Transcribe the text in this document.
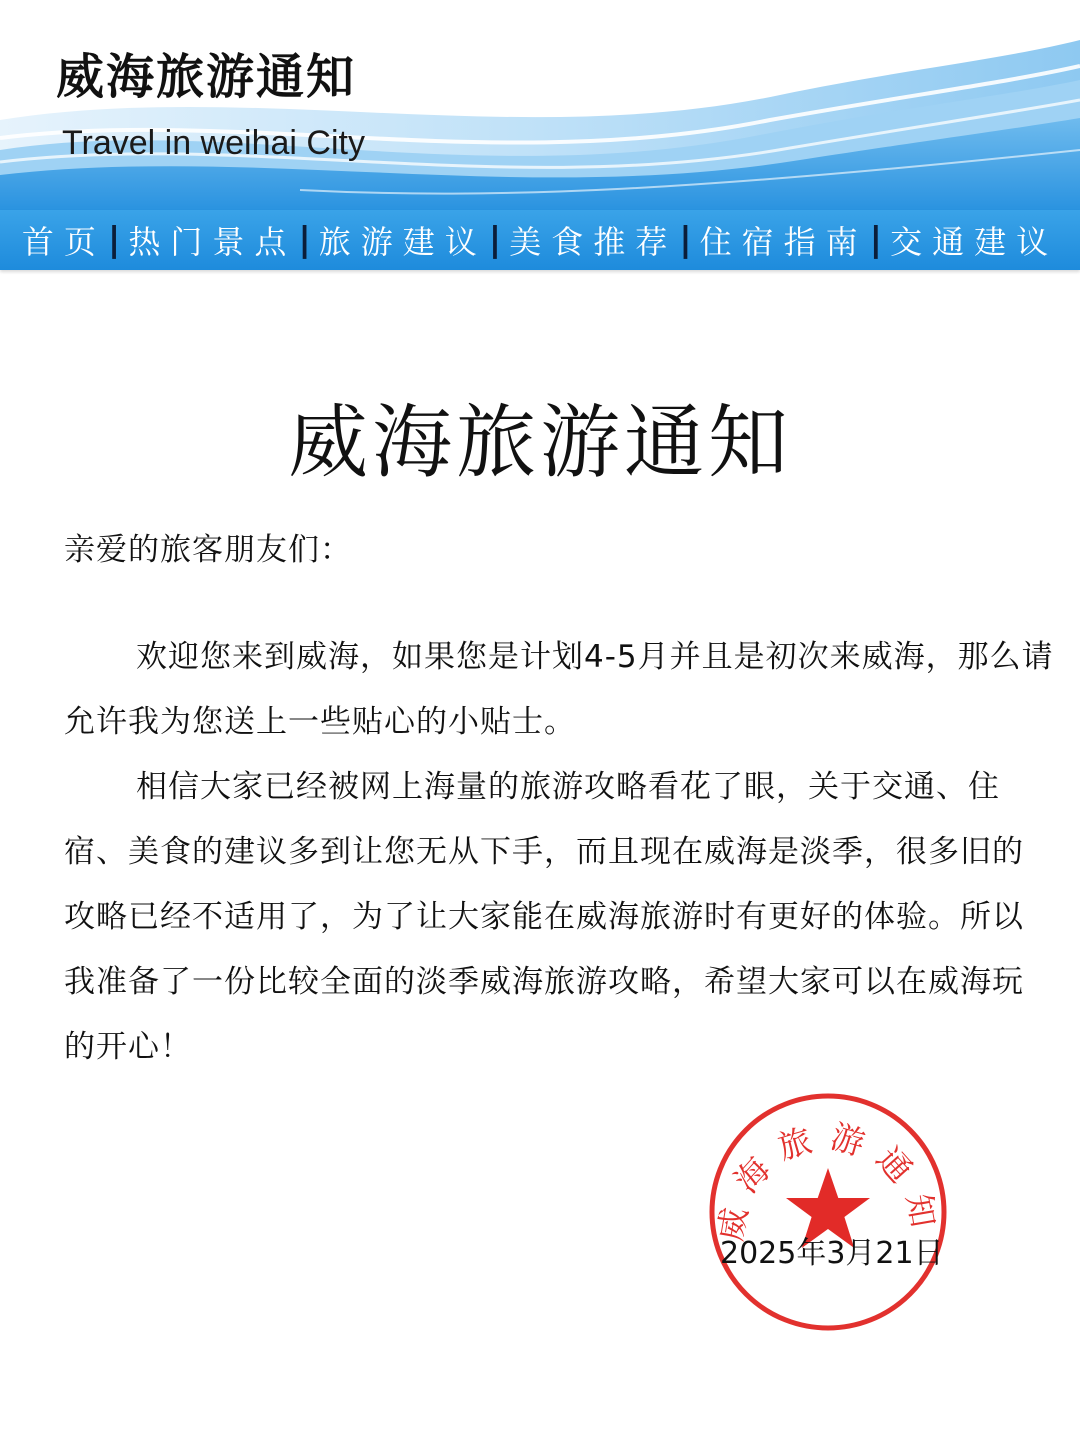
威海旅游通知
Travel in weihai City
首页 | 热门景点 | 旅游建议 | 美食推荐 | 住宿指南 | 交通建议
威海旅游通知
亲爱的旅客朋友们：

欢迎您来到威海，如果您是计划4-5月并且是初次来威海，那么请允许我为您送上一些贴心的小贴士。

相信大家已经被网上海量的旅游攻略看花了眼，关于交通、住宿、美食的建议多到让您无从下手，而且现在威海是淡季，很多旧的攻略已经不适用了，为了让大家能在威海旅游时有更好的体验。所以我准备了一份比较全面的淡季威海旅游攻略，希望大家可以在威海玩的开心！

威海旅游通知
2025年3月21日
